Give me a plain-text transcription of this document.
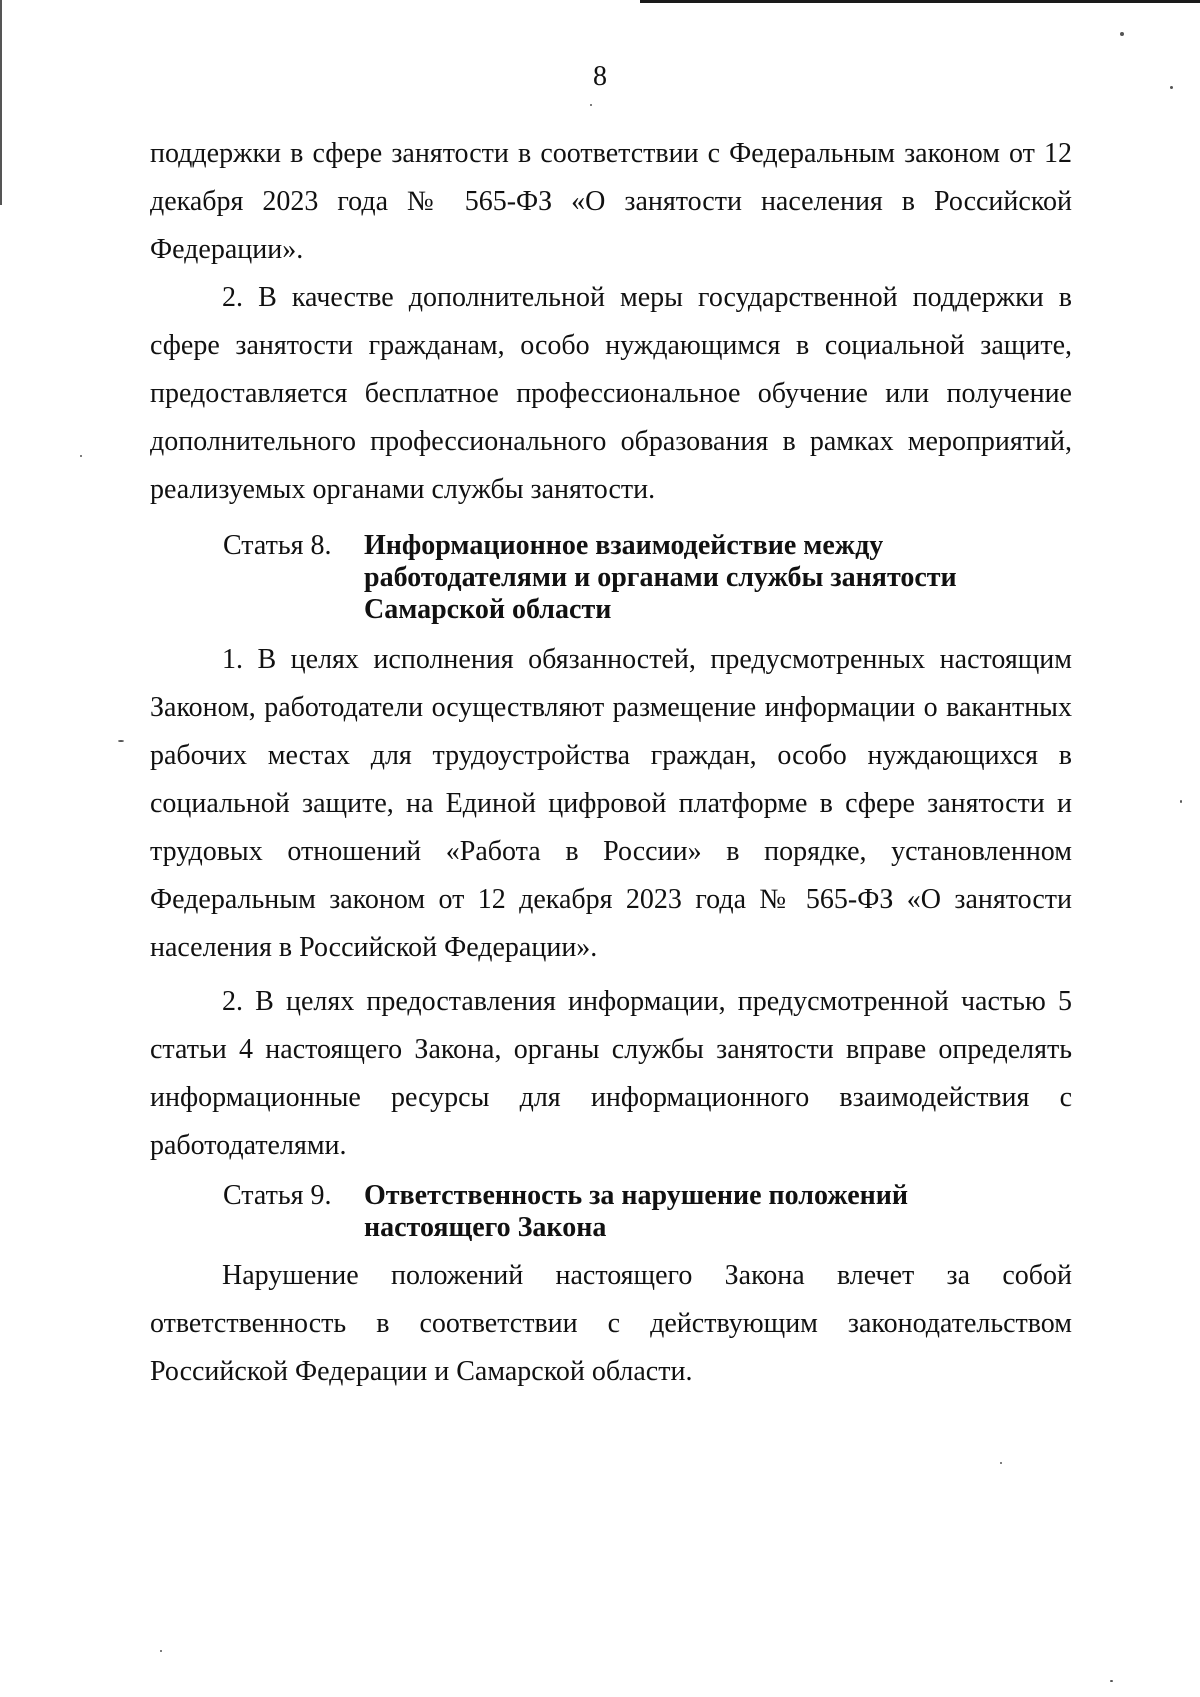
8

поддержки в сфере занятости в соответствии с Федеральным законом от 12 декабря 2023 года № 565-ФЗ «О занятости населения в Российской Федерации».

2. В качестве дополнительной меры государственной поддержки в сфере занятости гражданам, особо нуждающимся в социальной защите, предоставляется бесплатное профессиональное обучение или получение дополнительного профессионального образования в рамках мероприятий, реализуемых органами службы занятости.

Статья 8.	Информационное взаимодействие между работодателями и органами службы занятости Самарской области

1. В целях исполнения обязанностей, предусмотренных настоящим Законом, работодатели осуществляют размещение информации о вакантных рабочих местах для трудоустройства граждан, особо нуждающихся в социальной защите, на Единой цифровой платформе в сфере занятости и трудовых отношений «Работа в России» в порядке, установленном Федеральным законом от 12 декабря 2023 года № 565-ФЗ «О занятости населения в Российской Федерации».

2. В целях предоставления информации, предусмотренной частью 5 статьи 4 настоящего Закона, органы службы занятости вправе определять информационные ресурсы для информационного взаимодействия с работодателями.

Статья 9.	Ответственность за нарушение положений настоящего Закона

Нарушение положений настоящего Закона влечет за собой ответственность в соответствии с действующим законодательством Российской Федерации и Самарской области.
